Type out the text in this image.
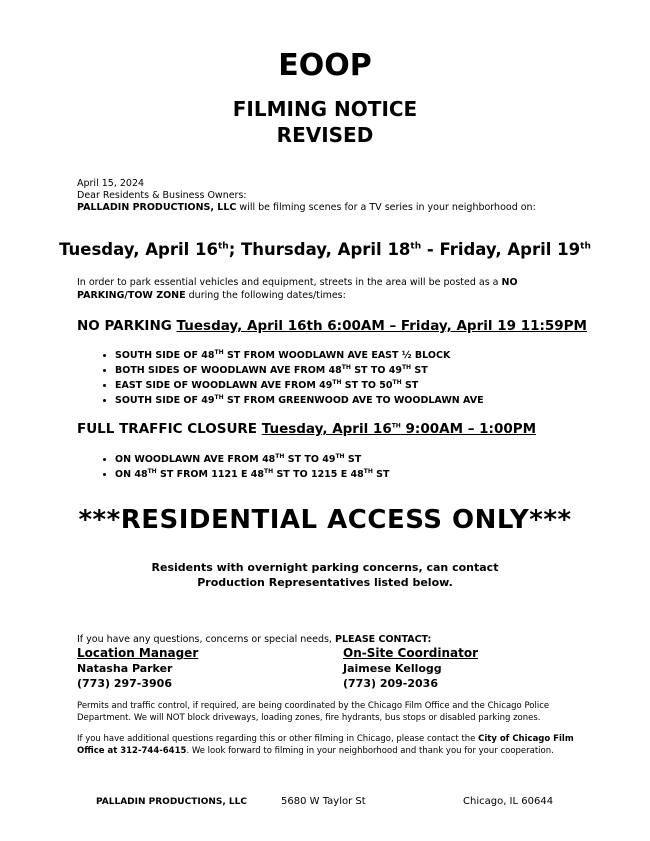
EOOP
FILMING NOTICE
REVISED
April 15, 2024
Dear Residents & Business Owners:
PALLADIN PRODUCTIONS, LLC will be filming scenes for a TV series in your neighborhood on:
Tuesday, April 16th; Thursday, April 18th - Friday, April 19th
In order to park essential vehicles and equipment, streets in the area will be posted as a NO PARKING/TOW ZONE during the following dates/times:
NO PARKING Tuesday, April 16th 6:00AM – Friday, April 19 11:59PM
• SOUTH SIDE OF 48TH ST FROM WOODLAWN AVE EAST ½ BLOCK
• BOTH SIDES OF WOODLAWN AVE FROM 48TH ST TO 49TH ST
• EAST SIDE OF WOODLAWN AVE FROM 49TH ST TO 50TH ST
• SOUTH SIDE OF 49TH ST FROM GREENWOOD AVE TO WOODLAWN AVE
FULL TRAFFIC CLOSURE Tuesday, April 16TH 9:00AM – 1:00PM
• ON WOODLAWN AVE FROM 48TH ST TO 49TH ST
• ON 48TH ST FROM 1121 E 48TH ST TO 1215 E 48TH ST
***RESIDENTIAL ACCESS ONLY***
Residents with overnight parking concerns, can contact
Production Representatives listed below.
If you have any questions, concerns or special needs, PLEASE CONTACT:
Location Manager
Natasha Parker
(773) 297-3906
On-Site Coordinator
Jaimese Kellogg
(773) 209-2036
Permits and traffic control, if required, are being coordinated by the Chicago Film Office and the Chicago Police Department. We will NOT block driveways, loading zones, fire hydrants, bus stops or disabled parking zones.
If you have additional questions regarding this or other filming in Chicago, please contact the City of Chicago Film Office at 312-744-6415. We look forward to filming in your neighborhood and thank you for your cooperation.
PALLADIN PRODUCTIONS, LLC	5680 W Taylor St	Chicago, IL 60644
